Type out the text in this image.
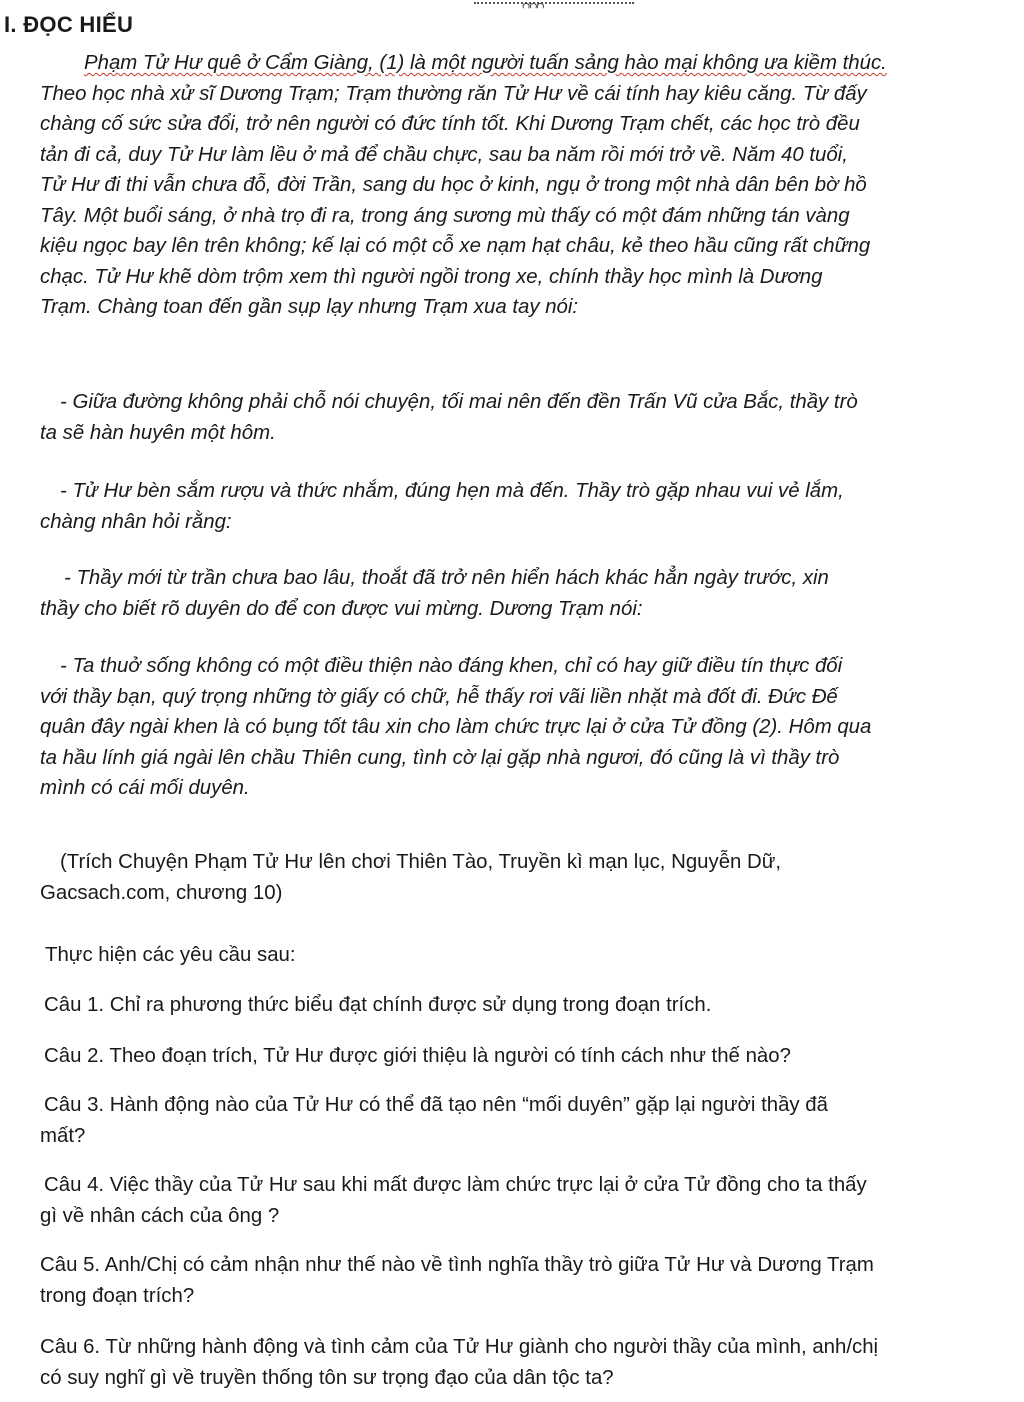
ᴒᴒᴒ
I. ĐỌC HIỂU
Phạm Tử Hư quê ở Cẩm Giàng, (1) là một người tuấn sảng hào mại không ưa kiềm thúc.
Theo học nhà xử sĩ Dương Trạm; Trạm thường răn Tử Hư về cái tính hay kiêu căng. Từ đấy
chàng cố sức sửa đổi, trở nên người có đức tính tốt. Khi Dương Trạm chết, các học trò đều
tản đi cả, duy Tử Hư làm lều ở mả để chầu chực, sau ba năm rồi mới trở về. Năm 40 tuổi,
Tử Hư đi thi vẫn chưa đỗ, đời Trần, sang du học ở kinh, ngụ ở trong một nhà dân bên bờ hồ
Tây. Một buổi sáng, ở nhà trọ đi ra, trong áng sương mù thấy có một đám những tán vàng
kiệu ngọc bay lên trên không; kế lại có một cỗ xe nạm hạt châu, kẻ theo hầu cũng rất chững
chạc. Tử Hư khẽ dòm trộm xem thì người ngồi trong xe, chính thầy học mình là Dương
Trạm. Chàng toan đến gần sụp lạy nhưng Trạm xua tay nói:
- Giữa đường không phải chỗ nói chuyện, tối mai nên đến đền Trấn Vũ cửa Bắc, thầy trò
ta sẽ hàn huyên một hôm.
- Tử Hư bèn sắm rượu và thức nhắm, đúng hẹn mà đến. Thầy trò gặp nhau vui vẻ lắm,
chàng nhân hỏi rằng:
- Thầy mới từ trần chưa bao lâu, thoắt đã trở nên hiển hách khác hẳn ngày trước, xin
thầy cho biết rõ duyên do để con được vui mừng. Dương Trạm nói:
- Ta thuở sống không có một điều thiện nào đáng khen, chỉ có hay giữ điều tín thực đối
với thầy bạn, quý trọng những tờ giấy có chữ, hễ thấy rơi vãi liền nhặt mà đốt đi. Đức Đế
quân đây ngài khen là có bụng tốt tâu xin cho làm chức trực lại ở cửa Tử đồng (2). Hôm qua
ta hầu lính giá ngài lên chầu Thiên cung, tình cờ lại gặp nhà ngươi, đó cũng là vì thầy trò
mình có cái mối duyên.
(Trích Chuyện Phạm Tử Hư lên chơi Thiên Tào, Truyền kì mạn lục, Nguyễn Dữ,
Gacsach.com, chương 10)
Thực hiện các yêu cầu sau:
Câu 1. Chỉ ra phương thức biểu đạt chính được sử dụng trong đoạn trích.
Câu 2. Theo đoạn trích, Tử Hư được giới thiệu là người có tính cách như thế nào?
Câu 3. Hành động nào của Tử Hư có thể đã tạo nên “mối duyên” gặp lại người thầy đã
mất?
Câu 4. Việc thầy của Tử Hư sau khi mất được làm chức trực lại ở cửa Tử đồng cho ta thấy
gì về nhân cách của ông ?
Câu 5. Anh/Chị có cảm nhận như thế nào về tình nghĩa thầy trò giữa Tử Hư và Dương Trạm
trong đoạn trích?
Câu 6. Từ những hành động và tình cảm của Tử Hư giành cho người thầy của mình, anh/chị
có suy nghĩ gì về truyền thống tôn sư trọng đạo của dân tộc ta?
